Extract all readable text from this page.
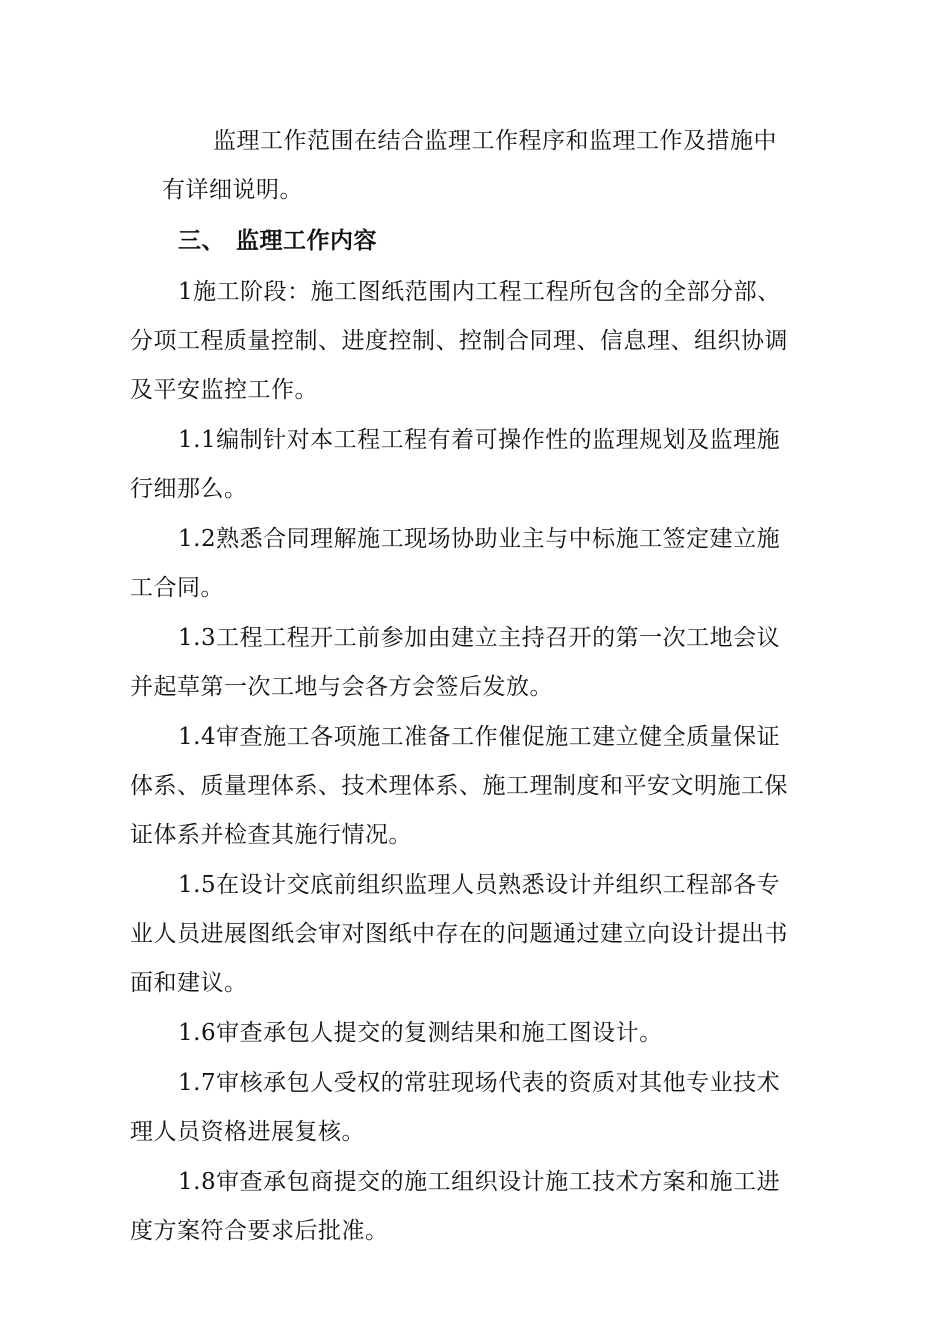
监理工作范围在结合监理工作程序和监理工作及措施中
有详细说明。
三、 监理工作内容
1施工阶段：施工图纸范围内工程工程所包含的全部分部、
分项工程质量控制、进度控制、控制合同理、信息理、组织协调
及平安监控工作。
1.1编制针对本工程工程有着可操作性的监理规划及监理施
行细那么。
1.2熟悉合同理解施工现场协助业主与中标施工签定建立施
工合同。
1.3工程工程开工前参加由建立主持召开的第一次工地会议
并起草第一次工地与会各方会签后发放。
1.4审查施工各项施工准备工作催促施工建立健全质量保证
体系、质量理体系、技术理体系、施工理制度和平安文明施工保
证体系并检查其施行情况。
1.5在设计交底前组织监理人员熟悉设计并组织工程部各专
业人员进展图纸会审对图纸中存在的问题通过建立向设计提出书
面和建议。
1.6审查承包人提交的复测结果和施工图设计。
1.7审核承包人受权的常驻现场代表的资质对其他专业技术
理人员资格进展复核。
1.8审查承包商提交的施工组织设计施工技术方案和施工进
度方案符合要求后批准。
